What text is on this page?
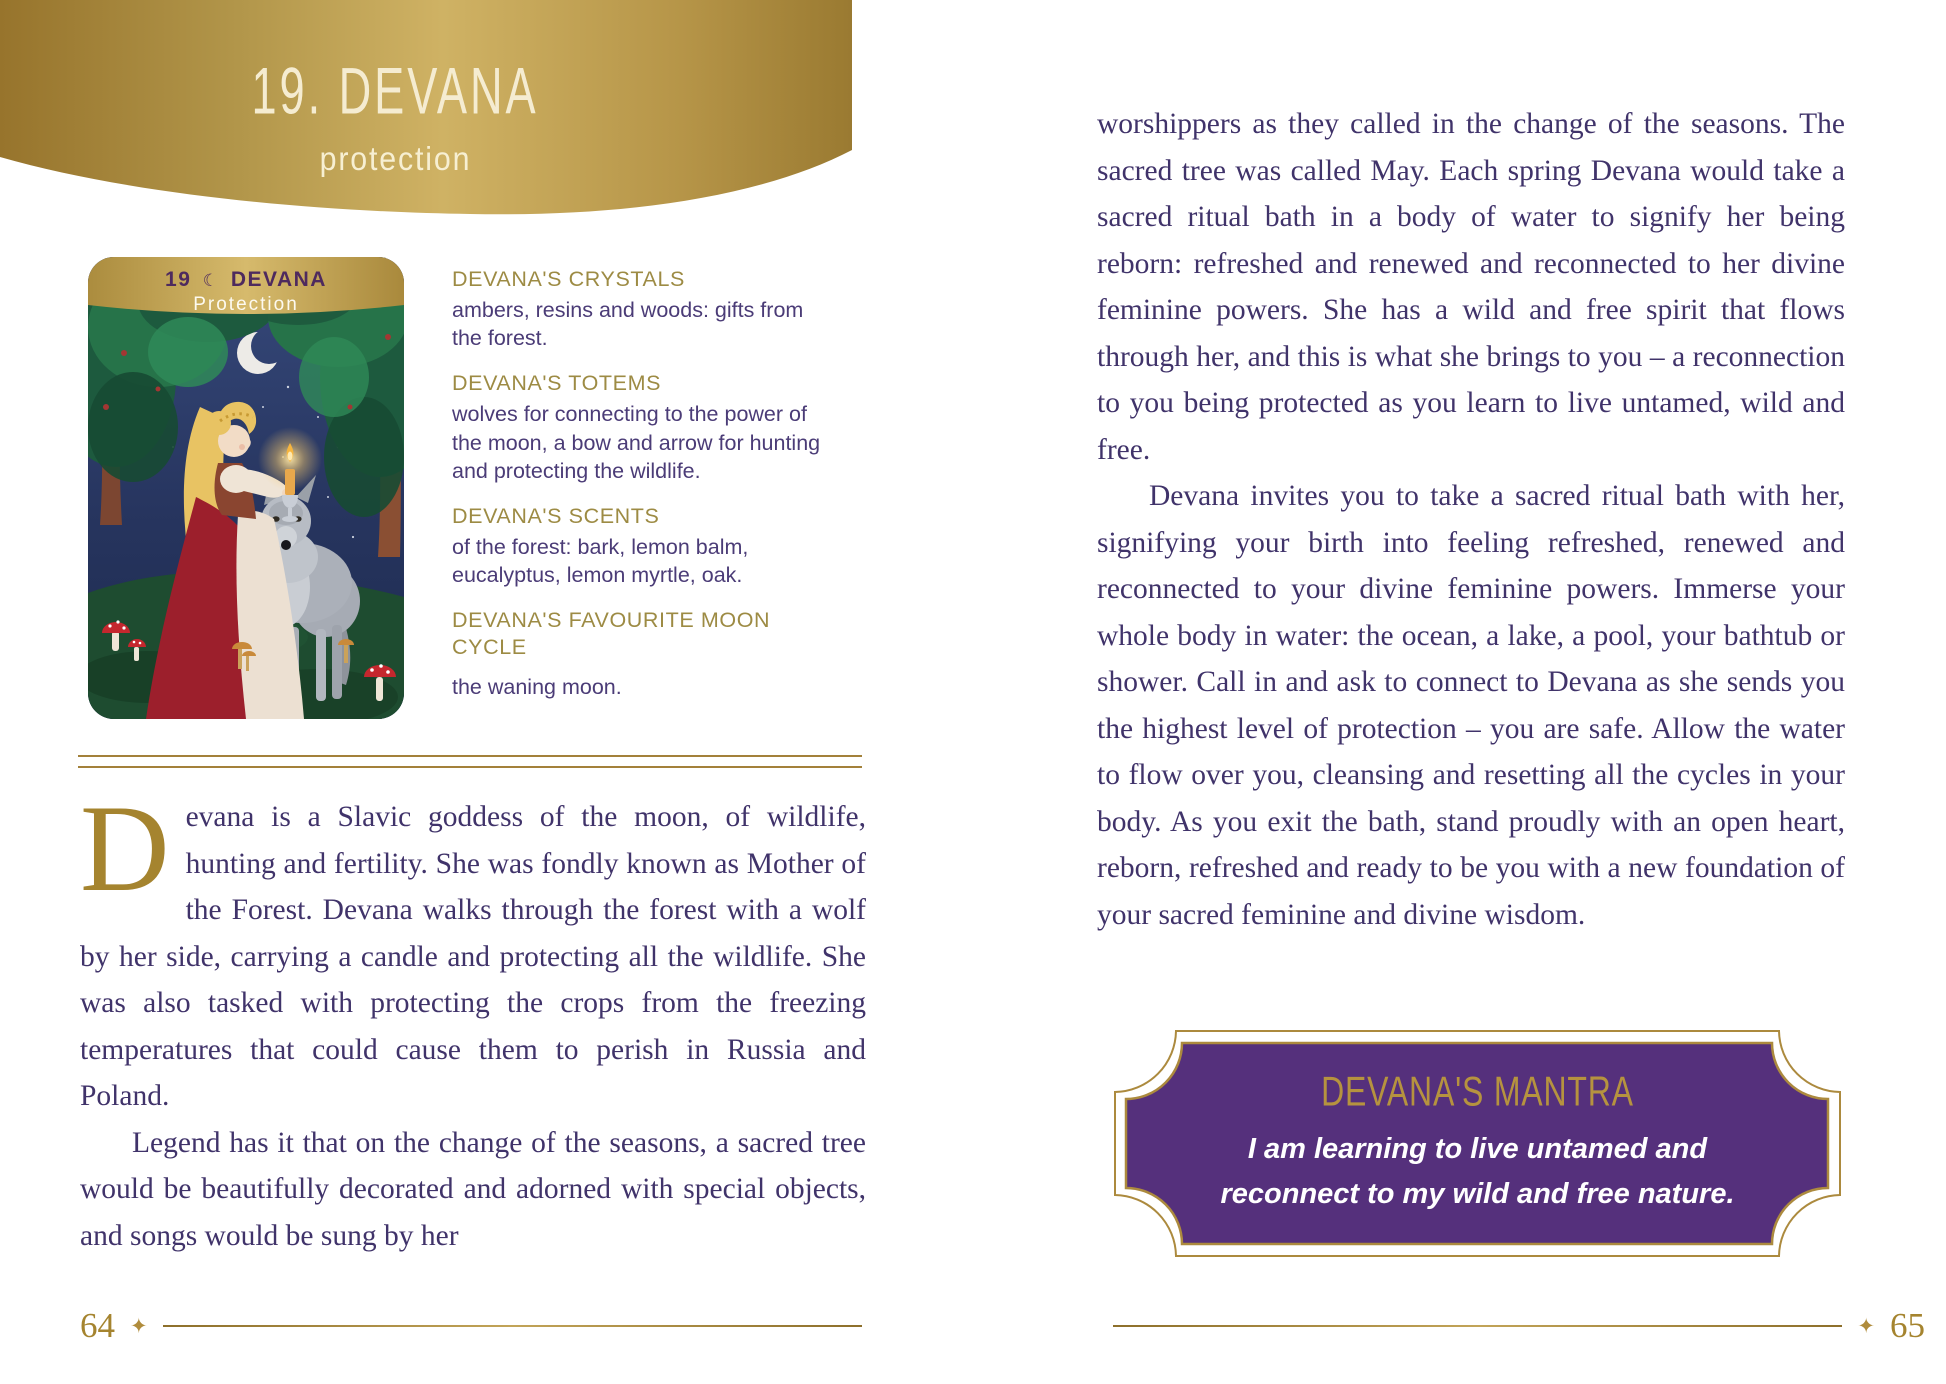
19. DEVANA
protection
19 ☾ DEVANA
Protection
DEVANA'S CRYSTALS

ambers, resins and woods: gifts from the forest.

DEVANA'S TOTEMS

wolves for connecting to the power of the moon, a bow and arrow for hunting and protecting the wildlife.

DEVANA'S SCENTS

of the forest: bark, lemon balm, eucalyptus, lemon myrtle, oak.

DEVANA'S FAVOURITE MOON CYCLE

the waning moon.

Devana is a Slavic goddess of the moon, of wildlife, hunting and fertility. She was fondly known as Mother of the Forest. Devana walks through the forest with a wolf by her side, carrying a candle and protecting all the wildlife. She was also tasked with protecting the crops from the freezing temperatures that could cause them to perish in Russia and Poland.

Legend has it that on the change of the seasons, a sacred tree would be beautifully decorated and adorned with special objects, and songs would be sung by her

64 ✦

worshippers as they called in the change of the seasons. The sacred tree was called May. Each spring Devana would take a sacred ritual bath in a body of water to signify her being reborn: refreshed and renewed and reconnected to her divine feminine powers. She has a wild and free spirit that flows through her, and this is what she brings to you – a reconnection to you being protected as you learn to live untamed, wild and free.

Devana invites you to take a sacred ritual bath with her, signifying your birth into feeling refreshed, renewed and reconnected to your divine feminine powers. Immerse your whole body in water: the ocean, a lake, a pool, your bathtub or shower. Call in and ask to connect to Devana as she sends you the highest level of protection – you are safe. Allow the water to flow over you, cleansing and resetting all the cycles in your body. As you exit the bath, stand proudly with an open heart, reborn, refreshed and ready to be you with a new foundation of your sacred feminine and divine wisdom.

DEVANA'S MANTRA
I am learning to live untamed and
reconnect to my wild and free nature.
✦ 65
